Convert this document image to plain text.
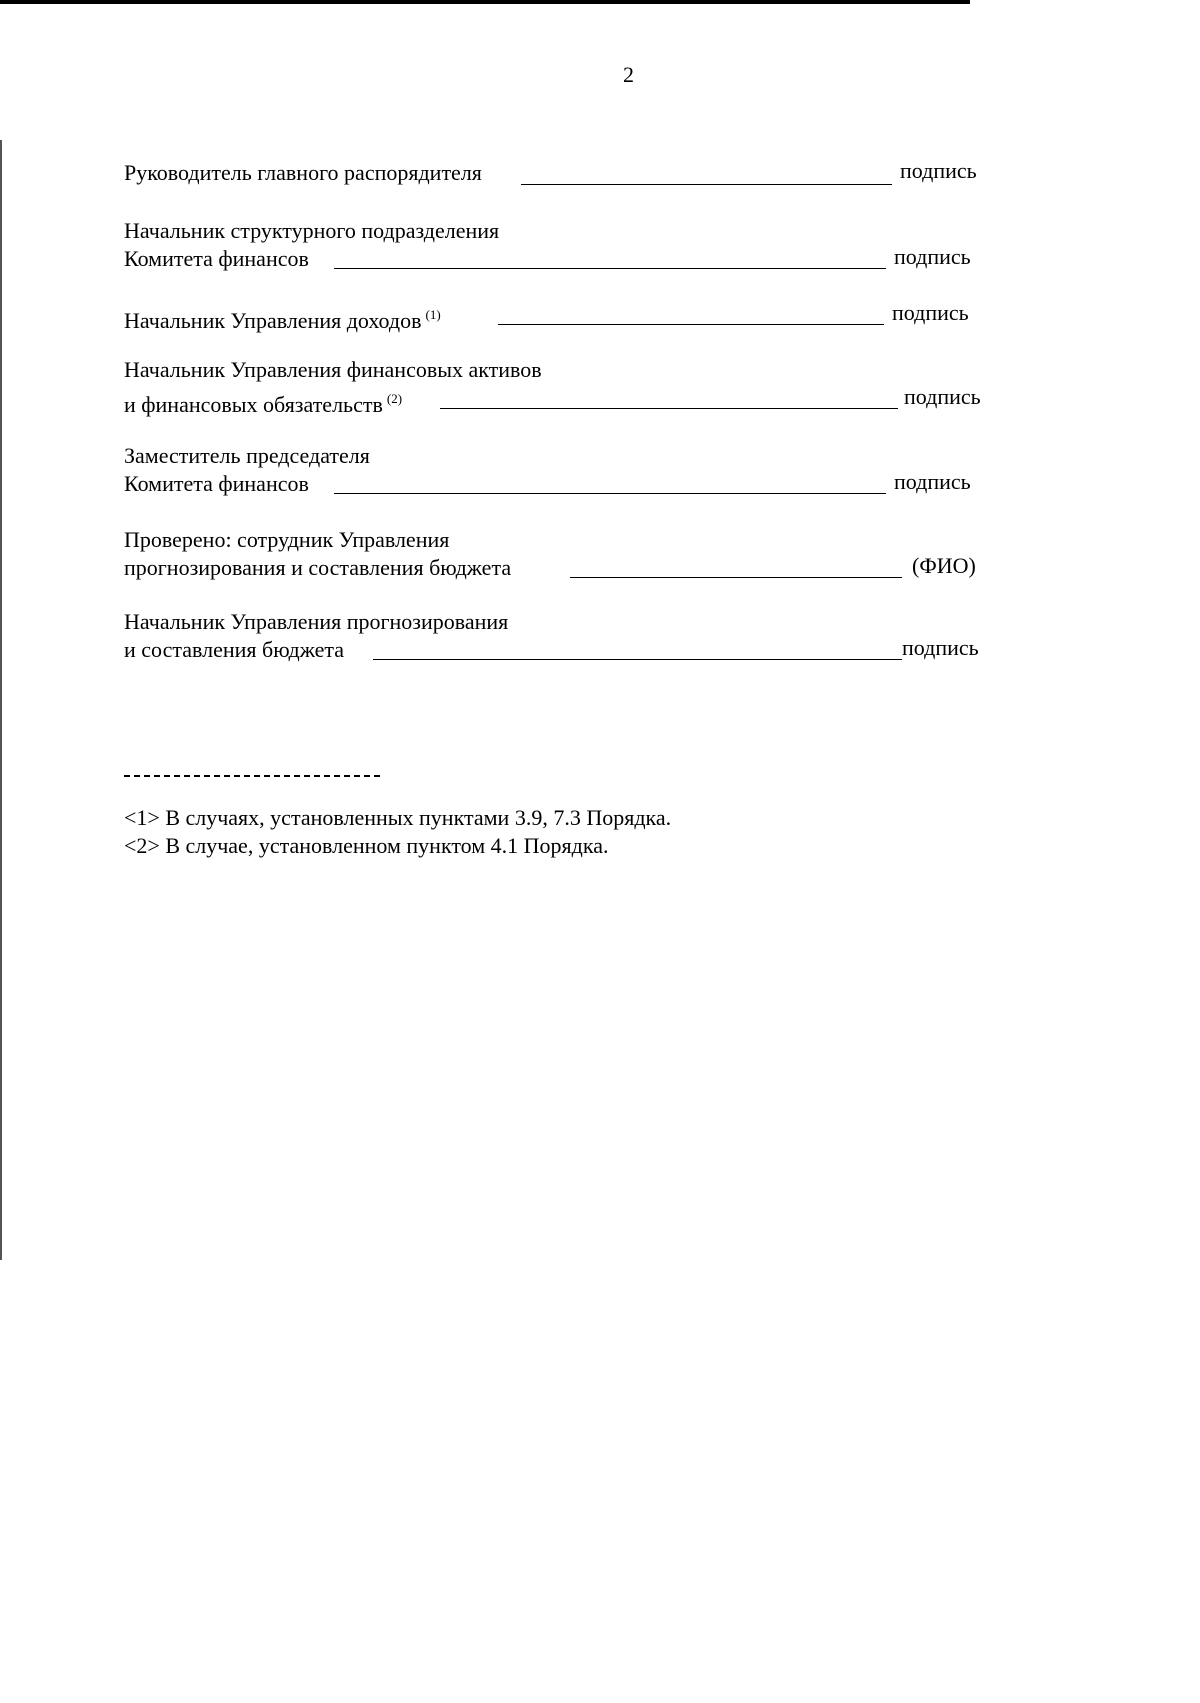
2
Руководитель главного распорядителя	подпись
Начальник структурного подразделения
Комитета финансов	подпись
Начальник Управления доходов $^{(1)}$	подпись
Начальник Управления финансовых активов
и финансовых обязательств $^{(2)}$	подпись
Заместитель председателя
Комитета финансов	подпись
Проверено: сотрудник Управления
прогнозирования и составления бюджета	(ФИО)
Начальник Управления прогнозирования
и составления бюджета	подпись
<1> В случаях, установленных пунктами 3.9, 7.3 Порядка.
<2> В случае, установленном пунктом 4.1 Порядка.
